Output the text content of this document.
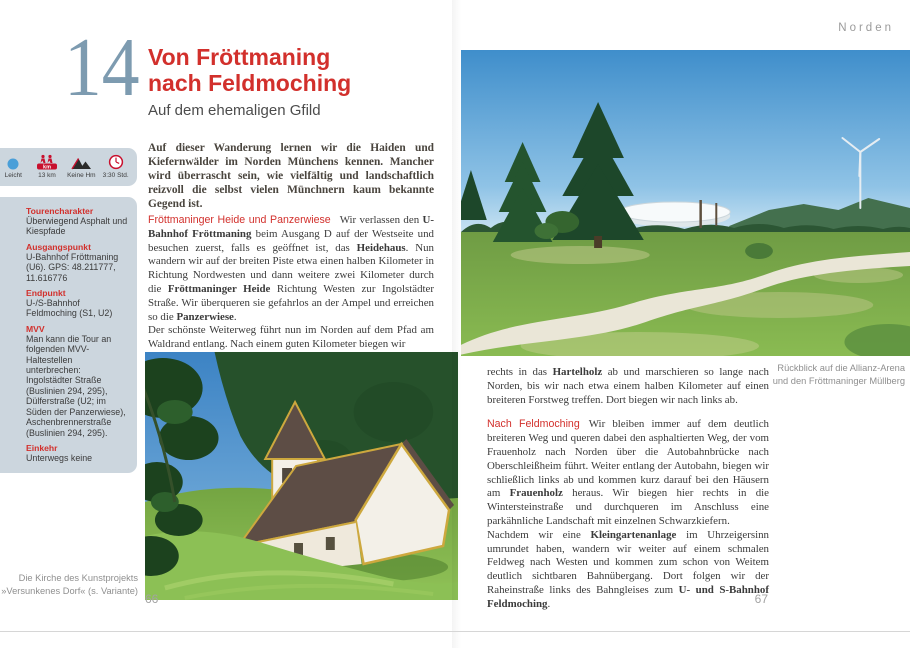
Norden
14 Von Fröttmaning
nach Feldmoching
Auf dem ehemaligen Gfild
Leicht
km
13 km Keine Hm 3:30 Std.
Tourencharakter
Überwiegend Asphalt und Kiespfade
Ausgangspunkt
U-Bahnhof Fröttmaning (U6). GPS: 48.211777, 11.616776
Endpunkt
U-/S-Bahnhof Feldmoching (S1, U2)
MVV
Man kann die Tour an folgenden MVV-Haltestellen unterbrechen: Ingolstädter Straße (Buslinien 294, 295), Dülferstraße (U2; im Süden der Panzerwiese), Aschenbrennerstraße (Buslinien 294, 295).
Einkehr
Unterwegs keine
Auf dieser Wanderung lernen wir die Haiden und Kiefernwälder im Norden Münchens kennen. Mancher wird überrascht sein, wie vielfältig und landschaftlich reizvoll die selbst vielen Münchnern kaum bekannte Gegend ist.

Fröttmaninger Heide und Panzerwiese Wir verlassen den U-Bahnhof Fröttmaning beim Ausgang D auf der Westseite und besuchen zuerst, falls es geöffnet ist, das Heidehaus. Nun wandern wir auf der breiten Piste etwa einen halben Kilometer in Richtung Nordwesten und dann weitere zwei Kilometer durch die Fröttmaninger Heide Richtung Westen zur Ingolstädter Straße. Wir überqueren sie gefahrlos an der Ampel und erreichen so die Panzerwiese.

Der schönste Weiterweg führt nun im Norden auf dem Pfad am Waldrand entlang. Nach einem guten Kilometer biegen wir

Die Kirche des Kunstprojekts
»Versunkenes Dorf« (s. Variante)
66
Rückblick auf die Allianz-Arena
und den Fröttmaninger Müllberg

rechts in das Hartelholz ab und marschieren so lange nach Norden, bis wir nach etwa einem halben Kilometer auf einen breiteren Forstweg treffen. Dort biegen wir nach links ab.

Nach Feldmoching Wir bleiben immer auf dem deutlich breiteren Weg und queren dabei den asphaltierten Weg, der vom Frauenholz nach Norden über die Autobahnbrücke nach Oberschleißheim führt. Weiter entlang der Autobahn, biegen wir schließlich links ab und kommen kurz darauf bei den Häusern am Frauenholz heraus. Wir biegen hier rechts in die Wintersteinstraße und durchqueren im Anschluss eine parkähnliche Landschaft mit einzelnen Schwarzkiefern.

Nachdem wir eine Kleingartenanlage im Uhrzeigersinn umrundet haben, wandern wir weiter auf einem schmalen Feldweg nach Westen und kommen zum schon von Weitem deutlich sichtbaren Bahnübergang. Dort folgen wir der Raheinstraße links des Bahngleises zum U- und S-Bahnhof Feldmoching.	67
